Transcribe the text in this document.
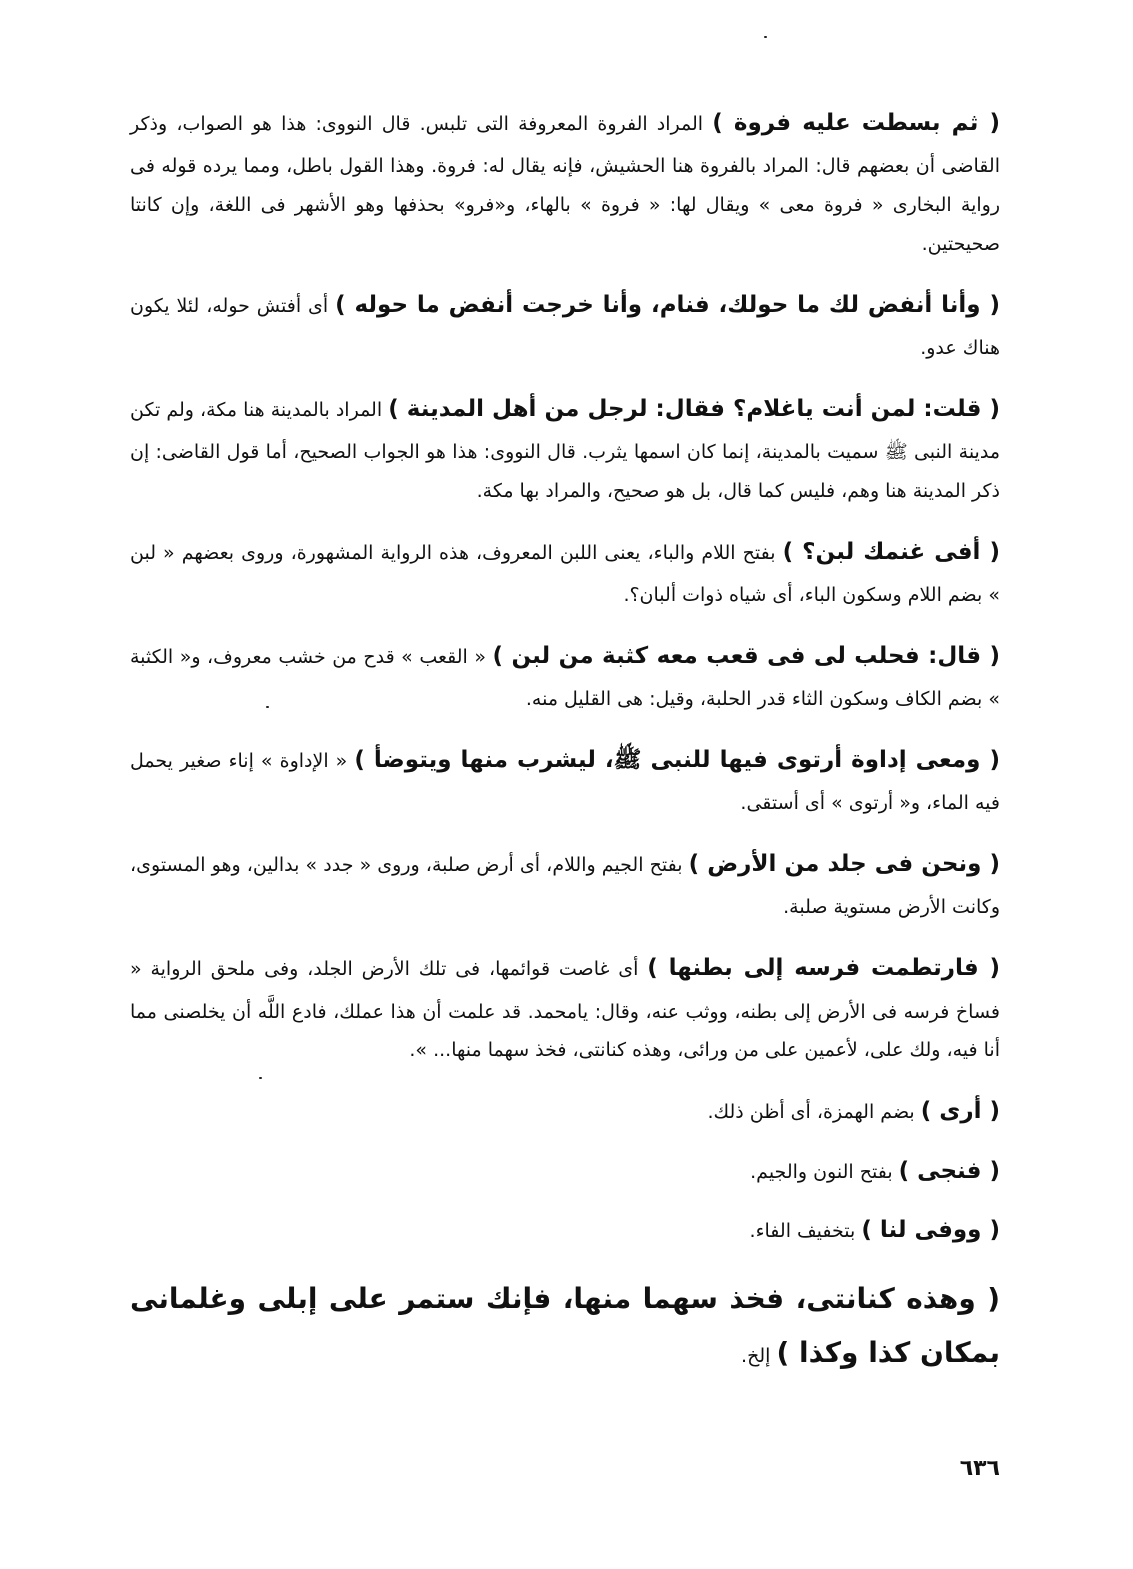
( ثم بسطت عليه فروة ) المراد الفروة المعروفة التى تلبس. قال النووى: هذا هو الصواب، وذكر القاضى أن بعضهم قال: المراد بالفروة هنا الحشيش، فإنه يقال له: فروة. وهذا القول باطل، ومما يرده قوله فى رواية البخارى « فروة معى » ويقال لها: « فروة » بالهاء، و«فرو» بحذفها وهو الأشهر فى اللغة، وإن كانتا صحيحتين.

( وأنا أنفض لك ما حولك، فنام، وأنا خرجت أنفض ما حوله ) أى أفتش حوله، لئلا يكون هناك عدو.

( قلت: لمن أنت ياغلام؟ فقال: لرجل من أهل المدينة ) المراد بالمدينة هنا مكة، ولم تكن مدينة النبى ﷺ سميت بالمدينة، إنما كان اسمها يثرب. قال النووى: هذا هو الجواب الصحيح، أما قول القاضى: إن ذكر المدينة هنا وهم، فليس كما قال، بل هو صحيح، والمراد بها مكة.

( أفى غنمك لبن؟ ) بفتح اللام والباء، يعنى اللبن المعروف، هذه الرواية المشهورة، وروى بعضهم « لبن » بضم اللام وسكون الباء، أى شياه ذوات ألبان؟.

( قال: فحلب لى فى قعب معه كثبة من لبن ) « القعب » قدح من خشب معروف، و« الكثبة » بضم الكاف وسكون الثاء قدر الحلبة، وقيل: هى القليل منه.

( ومعى إداوة أرتوى فيها للنبى ﷺ، ليشرب منها ويتوضأ ) « الإداوة » إناء صغير يحمل فيه الماء، و« أرتوى » أى أستقى.

( ونحن فى جلد من الأرض ) بفتح الجيم واللام، أى أرض صلبة، وروى « جدد » بدالين، وهو المستوى، وكانت الأرض مستوية صلبة.

( فارتطمت فرسه إلى بطنها ) أى غاصت قوائمها، فى تلك الأرض الجلد، وفى ملحق الرواية « فساخ فرسه فى الأرض إلى بطنه، ووثب عنه، وقال: يامحمد. قد علمت أن هذا عملك، فادع اللَّه أن يخلصنى مما أنا فيه، ولك على، لأعمين على من ورائى، وهذه كنانتى، فخذ سهما منها... ».

( أرى ) بضم الهمزة، أى أظن ذلك.

( فنجى ) بفتح النون والجيم.

( ووفى لنا ) بتخفيف الفاء.

( وهذه كنانتى، فخذ سهما منها، فإنك ستمر على إبلى وغلمانى بمكان كذا وكذا ) إلخ.

٦٣٦
